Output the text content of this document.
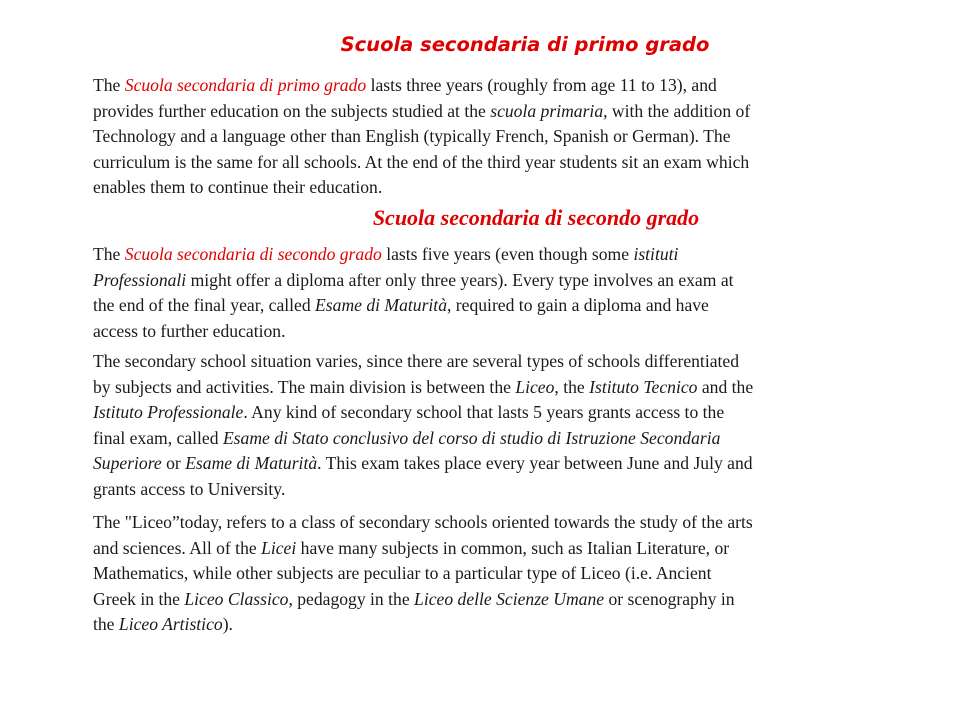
Scuola secondaria di primo grado

The Scuola secondaria di primo grado lasts three years (roughly from age 11 to 13), and
provides further education on the subjects studied at the scuola primaria, with the addition of
Technology and a language other than English (typically French, Spanish or German). The
curriculum is the same for all schools. At the end of the third year students sit an exam which
enables them to continue their education.

Scuola secondaria di secondo grado

The Scuola secondaria di secondo grado lasts five years (even though some istituti
Professionali might offer a diploma after only three years). Every type involves an exam at
the end of the final year, called Esame di Maturità, required to gain a diploma and have
access to further education.

The secondary school situation varies, since there are several types of schools differentiated
by subjects and activities. The main division is between the Liceo, the Istituto Tecnico and the
Istituto Professionale. Any kind of secondary school that lasts 5 years grants access to the
final exam, called Esame di Stato conclusivo del corso di studio di Istruzione Secondaria
Superiore or Esame di Maturità. This exam takes place every year between June and July and
grants access to University.

The "Liceo”today, refers to a class of secondary schools oriented towards the study of the arts
and sciences. All of the Licei have many subjects in common, such as Italian Literature, or
Mathematics, while other subjects are peculiar to a particular type of Liceo (i.e. Ancient
Greek in the Liceo Classico, pedagogy in the Liceo delle Scienze Umane or scenography in
the Liceo Artistico).
